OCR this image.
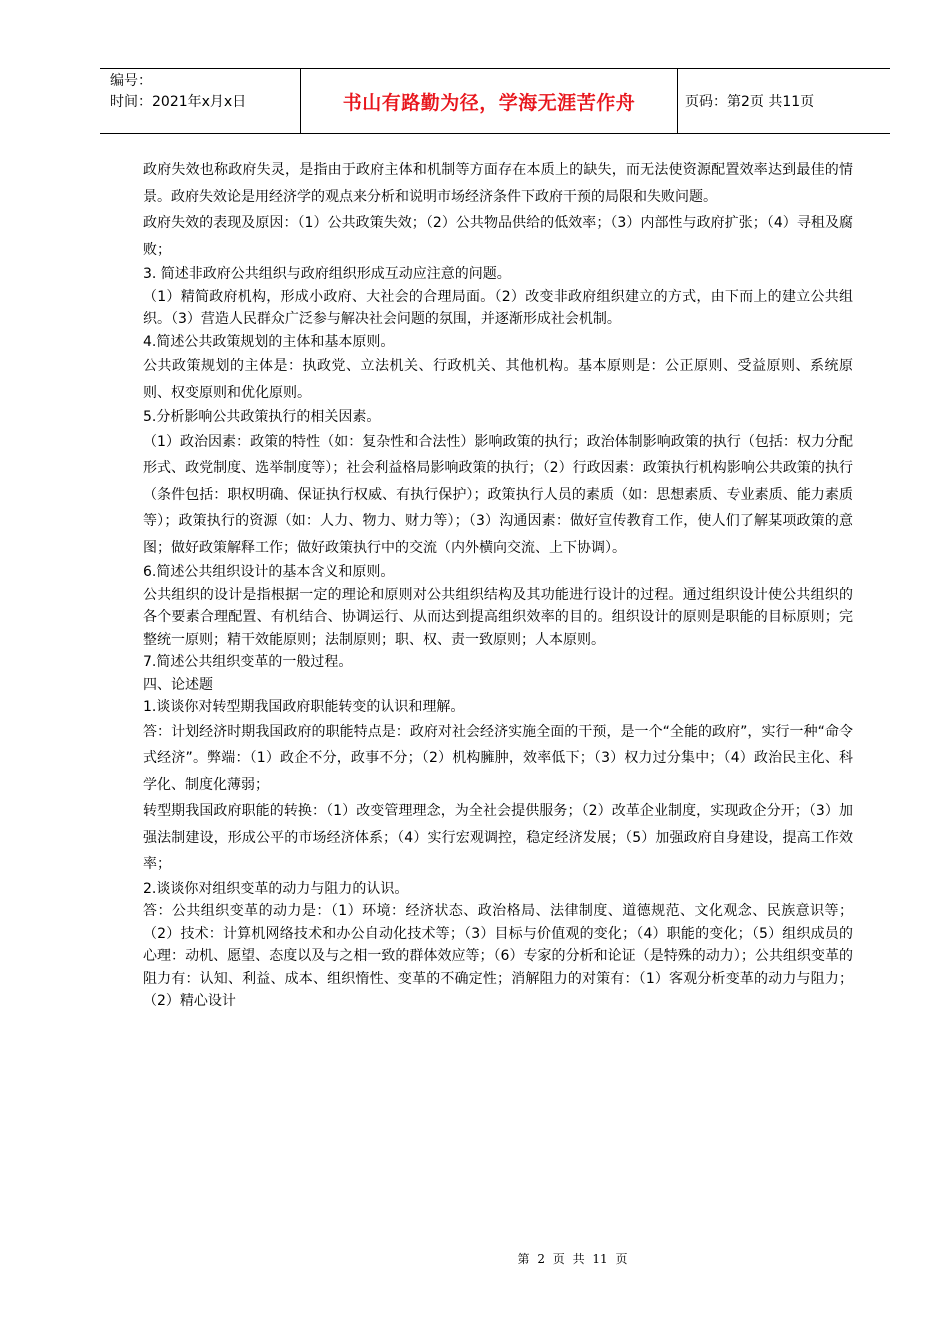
编号：
时间：2021年x月x日	书山有路勤为径，学海无涯苦作舟	页码：第2页 共11页

政府失效也称政府失灵，是指由于政府主体和机制等方面存在本质上的缺失，而无法使资源配置效率达到最佳的情景。政府失效论是用经济学的观点来分析和说明市场经济条件下政府干预的局限和失败问题。

政府失效的表现及原因：（1）公共政策失效；（2）公共物品供给的低效率；（3）内部性与政府扩张；（4）寻租及腐败；

3. 简述非政府公共组织与政府组织形成互动应注意的问题。

（1）精简政府机构，形成小政府、大社会的合理局面。（2）改变非政府组织建立的方式，由下而上的建立公共组织。（3）营造人民群众广泛参与解决社会问题的氛围，并逐渐形成社会机制。

4.简述公共政策规划的主体和基本原则。

公共政策规划的主体是：执政党、立法机关、行政机关、其他机构。基本原则是：公正原则、受益原则、系统原则、权变原则和优化原则。

5.分析影响公共政策执行的相关因素。

（1）政治因素：政策的特性（如：复杂性和合法性）影响政策的执行；政治体制影响政策的执行（包括：权力分配形式、政党制度、选举制度等）；社会利益格局影响政策的执行；（2）行政因素：政策执行机构影响公共政策的执行（条件包括：职权明确、保证执行权威、有执行保护）；政策执行人员的素质（如：思想素质、专业素质、能力素质等）；政策执行的资源（如：人力、物力、财力等）；（3）沟通因素：做好宣传教育工作，使人们了解某项政策的意图；做好政策解释工作；做好政策执行中的交流（内外横向交流、上下协调）。

6.简述公共组织设计的基本含义和原则。

公共组织的设计是指根据一定的理论和原则对公共组织结构及其功能进行设计的过程。通过组织设计使公共组织的各个要素合理配置、有机结合、协调运行、从而达到提高组织效率的目的。组织设计的原则是职能的目标原则；完整统一原则；精干效能原则；法制原则；职、权、责一致原则；人本原则。

7.简述公共组织变革的一般过程。

四、论述题

1.谈谈你对转型期我国政府职能转变的认识和理解。

答：计划经济时期我国政府的职能特点是：政府对社会经济实施全面的干预，是一个“全能的政府”，实行一种“命令式经济”。弊端：（1）政企不分，政事不分；（2）机构臃肿，效率低下；（3）权力过分集中；（4）政治民主化、科学化、制度化薄弱；

转型期我国政府职能的转换：（1）改变管理理念，为全社会提供服务；（2）改革企业制度，实现政企分开；（3）加强法制建设，形成公平的市场经济体系；（4）实行宏观调控，稳定经济发展；（5）加强政府自身建设，提高工作效率；

2.谈谈你对组织变革的动力与阻力的认识。

答：公共组织变革的动力是：（1）环境：经济状态、政治格局、法律制度、道德规范、文化观念、民族意识等；（2）技术：计算机网络技术和办公自动化技术等；（3）目标与价值观的变化；（4）职能的变化；（5）组织成员的心理：动机、愿望、态度以及与之相一致的群体效应等；（6）专家的分析和论证（是特殊的动力）；公共组织变革的阻力有：认知、利益、成本、组织惰性、变革的不确定性；消解阻力的对策有：（1）客观分析变革的动力与阻力；（2）精心设计

第 2 页 共 11 页
